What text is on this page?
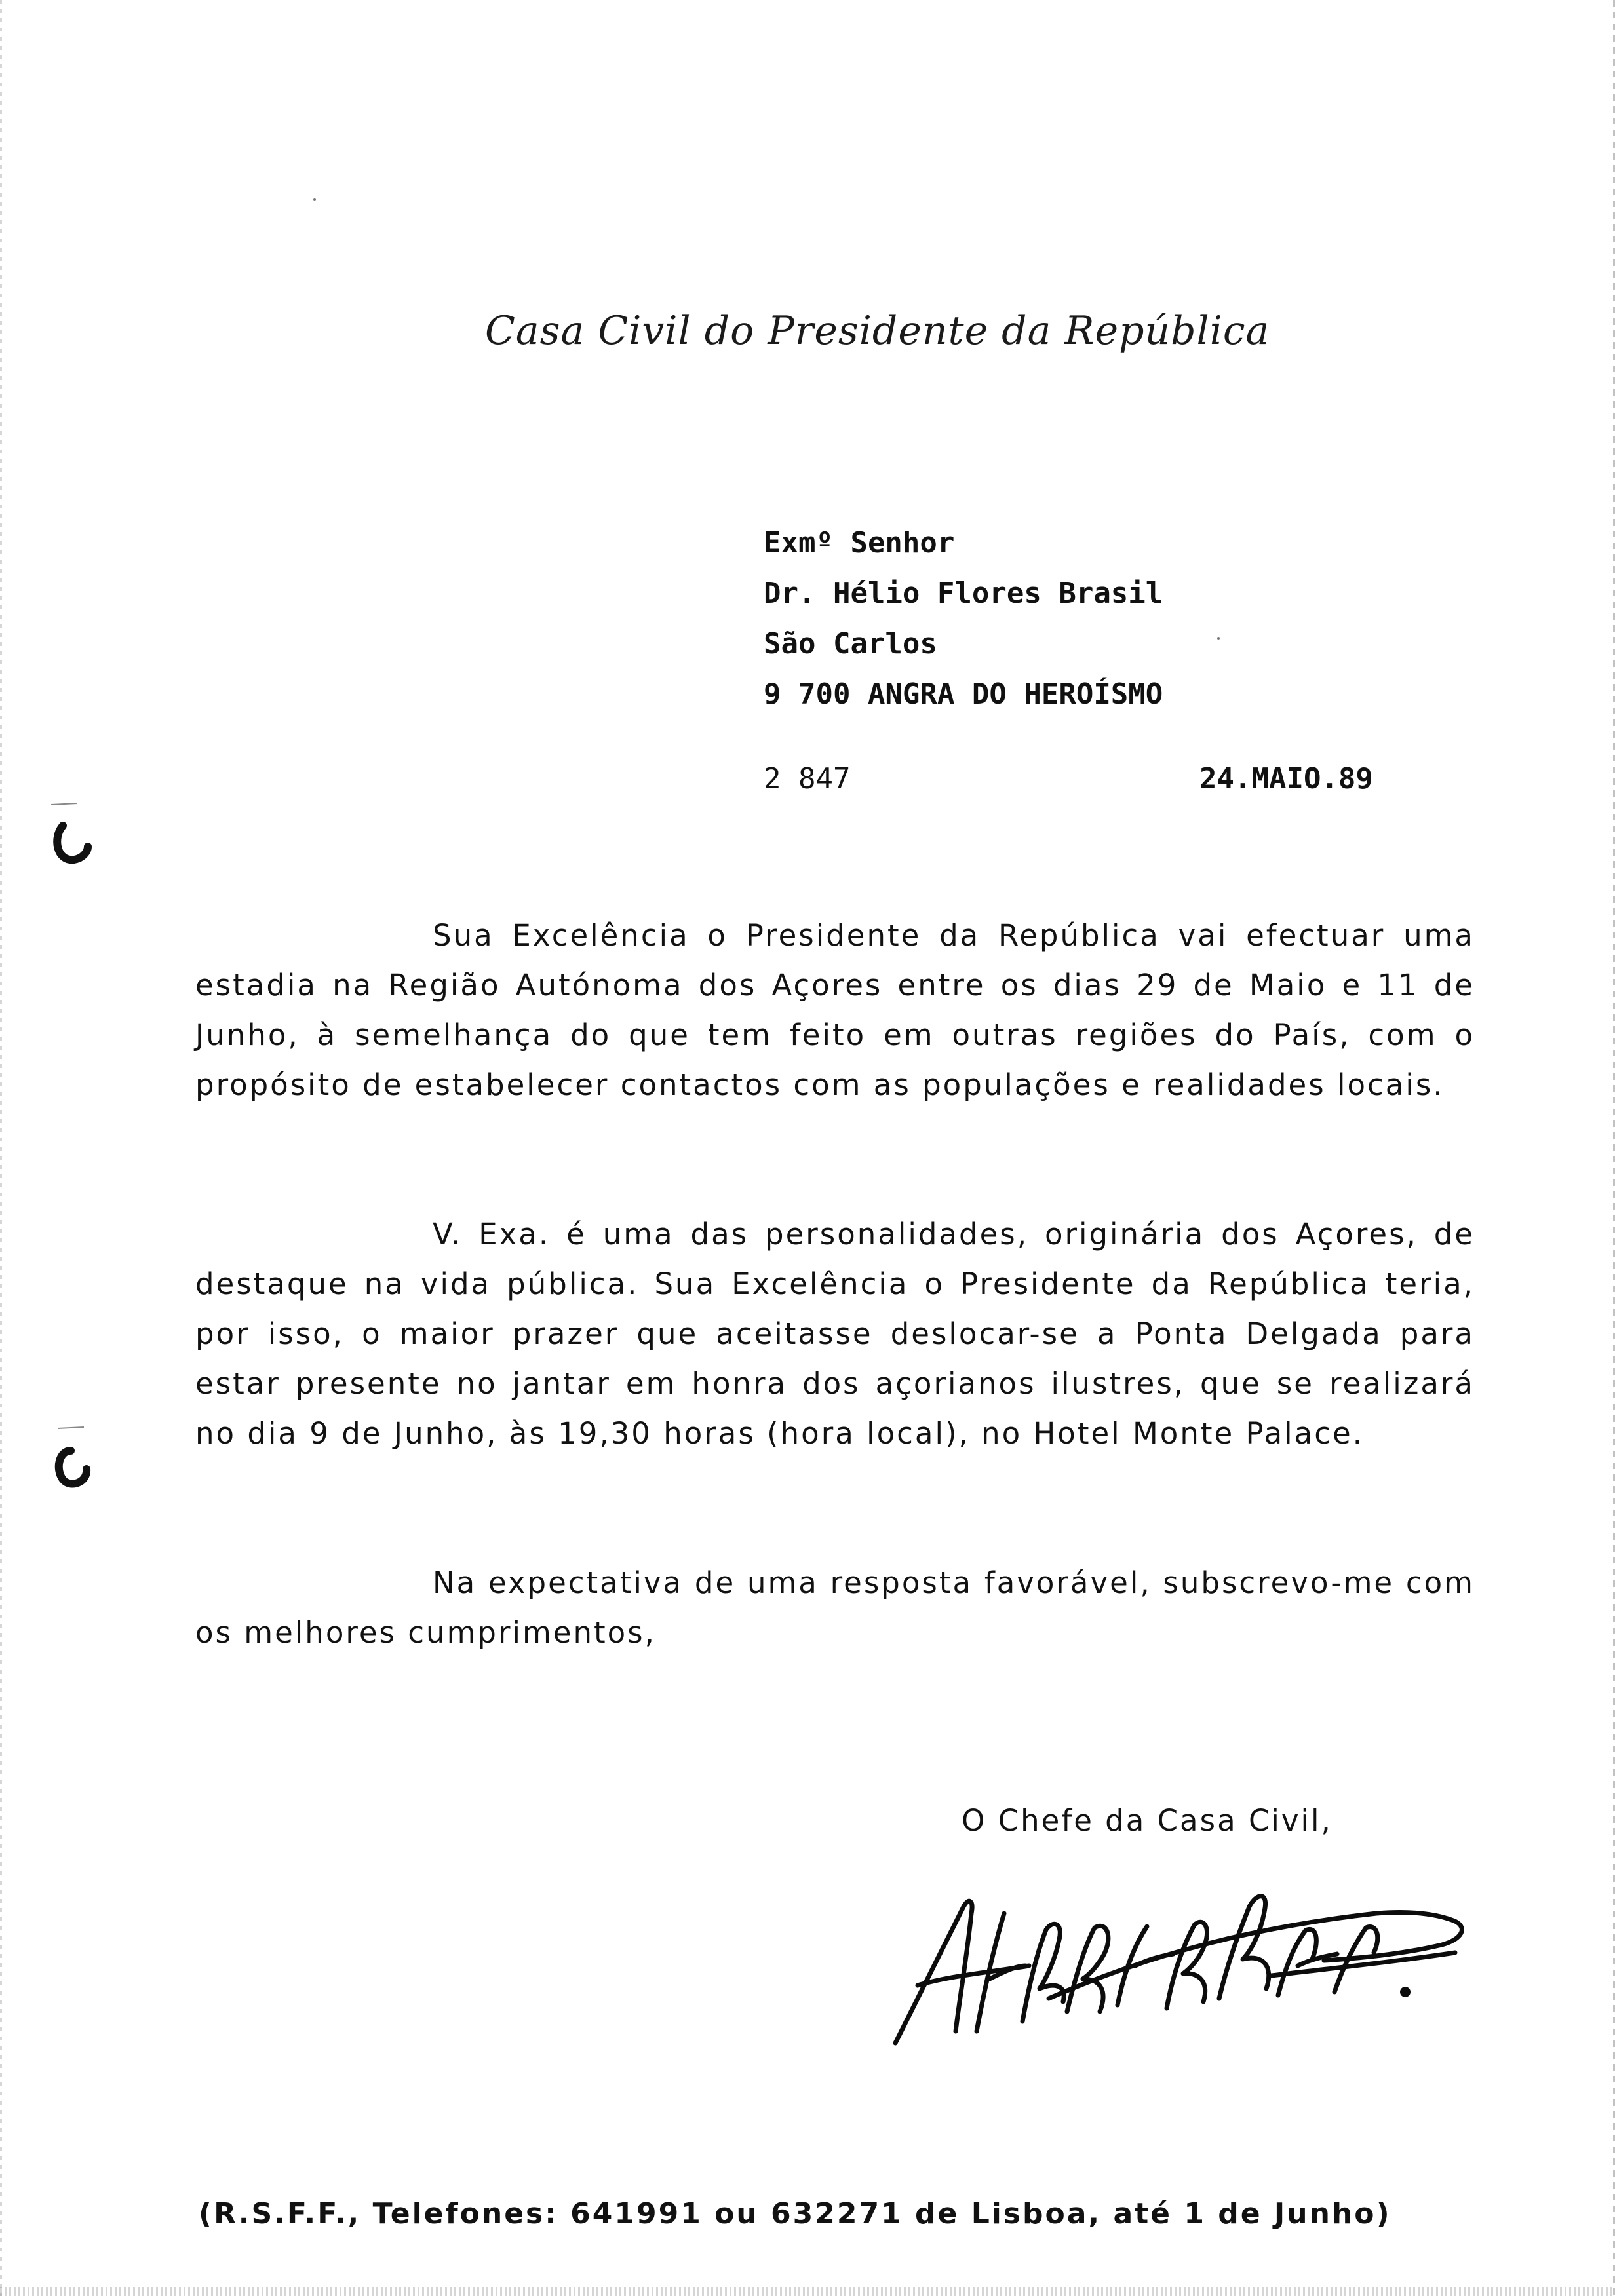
Casa Civil do Presidente da República
Exmº Senhor
Dr. Hélio Flores Brasil
São Carlos
9 700 ANGRA DO HEROÍSMO
2 847	24.MAIO.89
Sua Excelência o Presidente da República vai efectuar uma estadia na Região Autónoma dos Açores entre os dias 29 de Maio e 11 de Junho, à semelhança do que tem feito em outras regiões do País, com o propósito de estabelecer contactos com as populações e realidades locais.
V. Exa. é uma das personalidades, originária dos Açores, de destaque na vida pública. Sua Excelência o Presidente da República teria, por isso, o maior prazer que aceitasse deslocar-se a Ponta Delgada para estar presente no jantar em honra dos açorianos ilustres, que se realizará no dia 9 de Junho, às 19,30 horas (hora local), no Hotel Monte Palace.
Na expectativa de uma resposta favorável, subscrevo-me com os melhores cumprimentos,
O Chefe da Casa Civil,
(R.S.F.F., Telefones: 641991 ou 632271 de Lisboa, até 1 de Junho)
